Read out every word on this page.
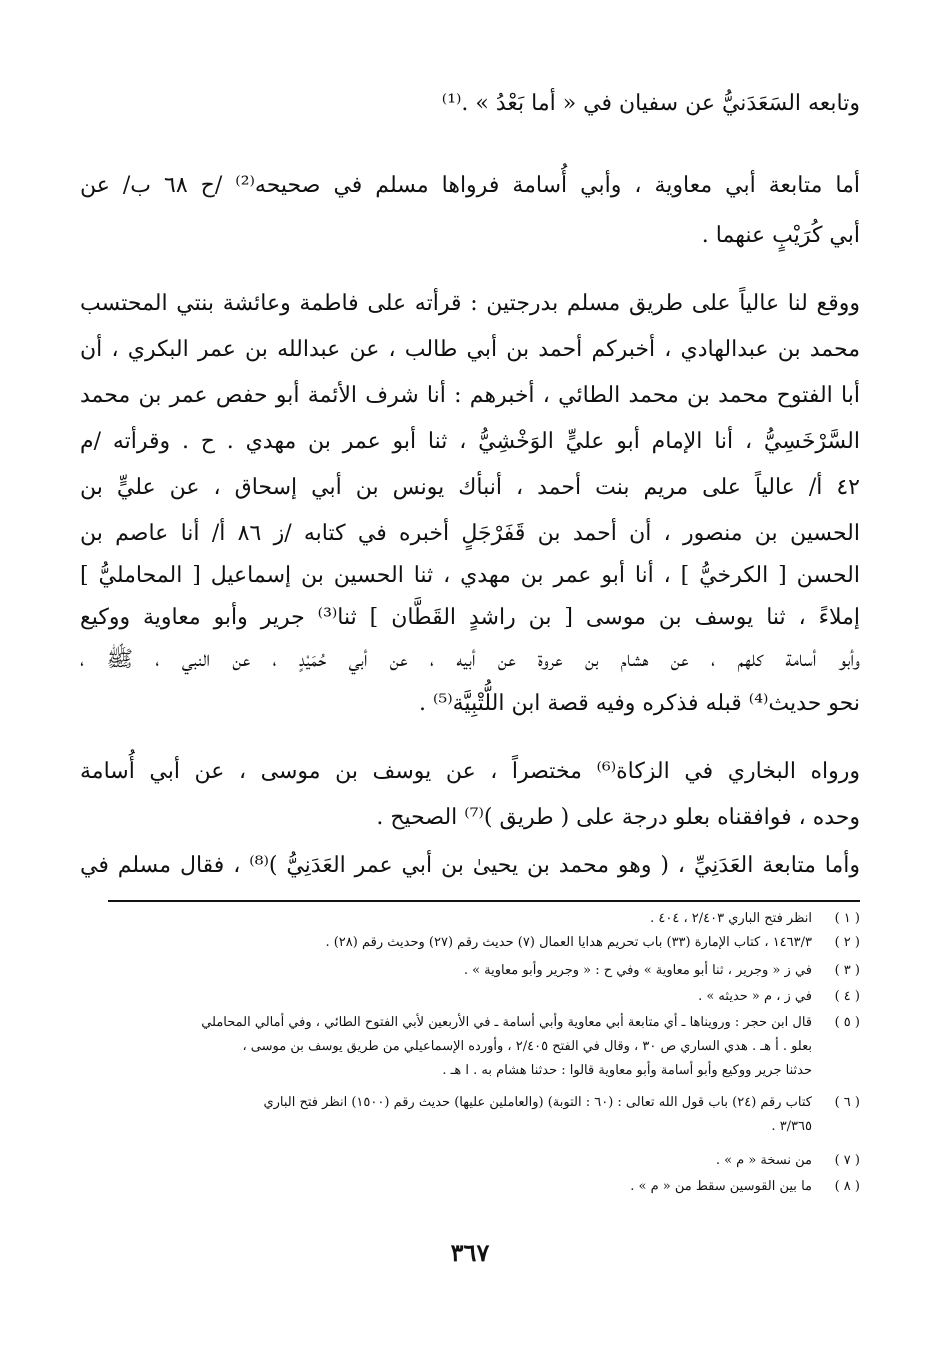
وتابعه السَعَدَنيُّ عن سفيان في « أما بَعْدُ » .⁽¹⁾
أما متابعة أبي معاوية ، وأبي أُسامة فرواها مسلم في صحيحه⁽²⁾ /ح ٦٨ ب/ عن
أبي كُرَيْبٍ عنهما .
ووقع لنا عالياً على طريق مسلم بدرجتين : قرأته على فاطمة وعائشة بنتي المحتسب
محمد بن عبدالهادي ، أخبركم أحمد بن أبي طالب ، عن عبدالله بن عمر البكري ، أن
أبا الفتوح محمد بن محمد الطائي ، أخبرهم : أنا شرف الأئمة أبو حفص عمر بن محمد
السَّرْخَسِيُّ ، أنا الإمام أبو عليٍّ الوَخْشِيُّ ، ثنا أبو عمر بن مهدي . ح . وقرأته /م
٤٢ أ/ عالياً على مريم بنت أحمد ، أنبأك يونس بن أبي إسحاق ، عن عليٍّ بن
الحسين بن منصور ، أن أحمد بن قَفَرْجَلٍ أخبره في كتابه /ز ٨٦ أ/ أنا عاصم بن
الحسن [ الكرخيُّ ] ، أنا أبو عمر بن مهدي ، ثنا الحسين بن إسماعيل [ المحامليُّ ]
إملاءً ، ثنا يوسف بن موسى [ بن راشدٍ القَطَّان ] ثنا⁽³⁾ جرير وأبو معاوية ووكيع
وأبو أسامة كلهم ، عن هشام بن عروة عن أبيه ، عن أبي حُمَيْدٍ ، عن النبي ، ﷺ ،
نحو حديث⁽⁴⁾ قبله فذكره وفيه قصة ابن اللُّتْبِيَّة⁽⁵⁾ .
ورواه البخاري في الزكاة⁽⁶⁾ مختصراً ، عن يوسف بن موسى ، عن أبي أُسامة
وحده ، فوافقناه بعلو درجة على ( طريق )⁽⁷⁾ الصحيح .
وأما متابعة العَدَنِيِّ ، ( وهو محمد بن يحيىٰ بن أبي عمر العَدَنِيُّ )⁽⁸⁾ ، فقال مسلم في
( ١ )انظر فتح الباري ٢/٤٠٣ ، ٤٠٤ .
( ٢ )١٤٦٣/٣ ، كتاب الإمارة (٣٣) باب تحريم هدايا العمال (٧) حديث رقم (٢٧) وحديث رقم (٢٨) .
( ٣ )في ز « وجرير ، ثنا أبو معاوية » وفي ح : « وجرير وأبو معاوية » .
( ٤ )في ز ، م « حديثه » .
( ٥ )قال ابن حجر : ورويناها ـ أي متابعة أبي معاوية وأبي أسامة ـ في الأربعين لأبي الفتوح الطائي ، وفي أمالي المحاملي
بعلو . أ هـ . هدي الساري ص ٣٠ ، وقال في الفتح ٢/٤٠٥ ، وأورده الإسماعيلي من طريق يوسف بن موسى ،
حدثنا جرير ووكيع وأبو أسامة وأبو معاوية قالوا : حدثنا هشام به . ا هـ .
( ٦ )كتاب رقم (٢٤) باب قول الله تعالى : (٦٠ : التوبة) (والعاملين عليها) حديث رقم (١٥٠٠) انظر فتح الباري
٣/٣٦٥ .
( ٧ )من نسخة « م » .
( ٨ )ما بين القوسين سقط من « م » .
٣٦٧
